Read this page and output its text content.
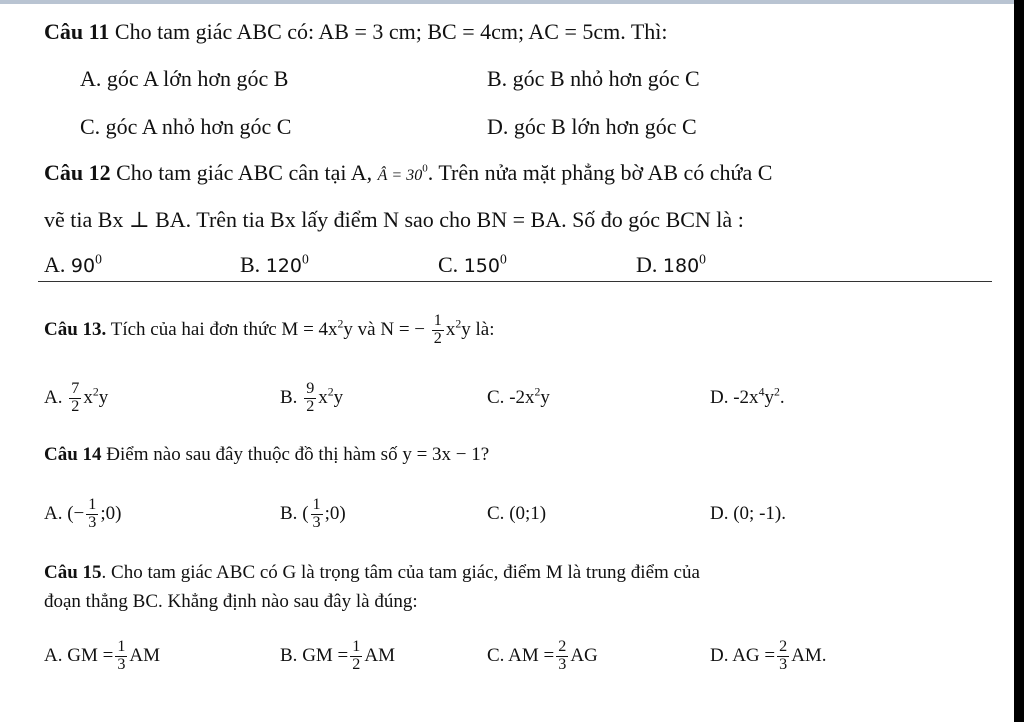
Câu 11 Cho tam giác ABC có: AB = 3 cm; BC = 4cm; AC = 5cm. Thì:
A. góc A lớn hơn góc B	B. góc B nhỏ hơn góc C
C. góc A nhỏ hơn góc C	D. góc B lớn hơn góc C
Câu 12 Cho tam giác ABC cân tại A, Â = $30^0$. Trên nửa mặt phẳng bờ AB có chứa C
vẽ tia Bx ⊥ BA. Trên tia Bx lấy điểm N sao cho BN = BA. Số đo góc BCN là :
A. $90^0$	B. $120^0$	C. $150^0$	D. $180^0$
Câu 13. Tích của hai đơn thức $M = 4x^2y$ và N = − $\frac{1}{2} x^2y$ là:
A. $\frac{7}{2} x^2y$	B. $\frac{9}{2} x^2y$	C. $-2x^2y$	D. $-2x^4y^2$.
Câu 14 Điểm nào sau đây thuộc đồ thị hàm số y = 3x − 1?
A. (− $\frac{1}{3}$ ;0)	B. ( $\frac{1}{3}$ ;0)	C. (0;1)	D. (0; -1).
Câu 15. Cho tam giác ABC có G là trọng tâm của tam giác, điểm M là trung điểm của
đoạn thẳng BC. Khẳng định nào sau đây là đúng:
A. GM = $\frac{1}{3}$ AM	B. GM = $\frac{1}{2}$ AM	C. AM = $\frac{2}{3}$ AG	D. AG = $\frac{2}{3}$ AM.
